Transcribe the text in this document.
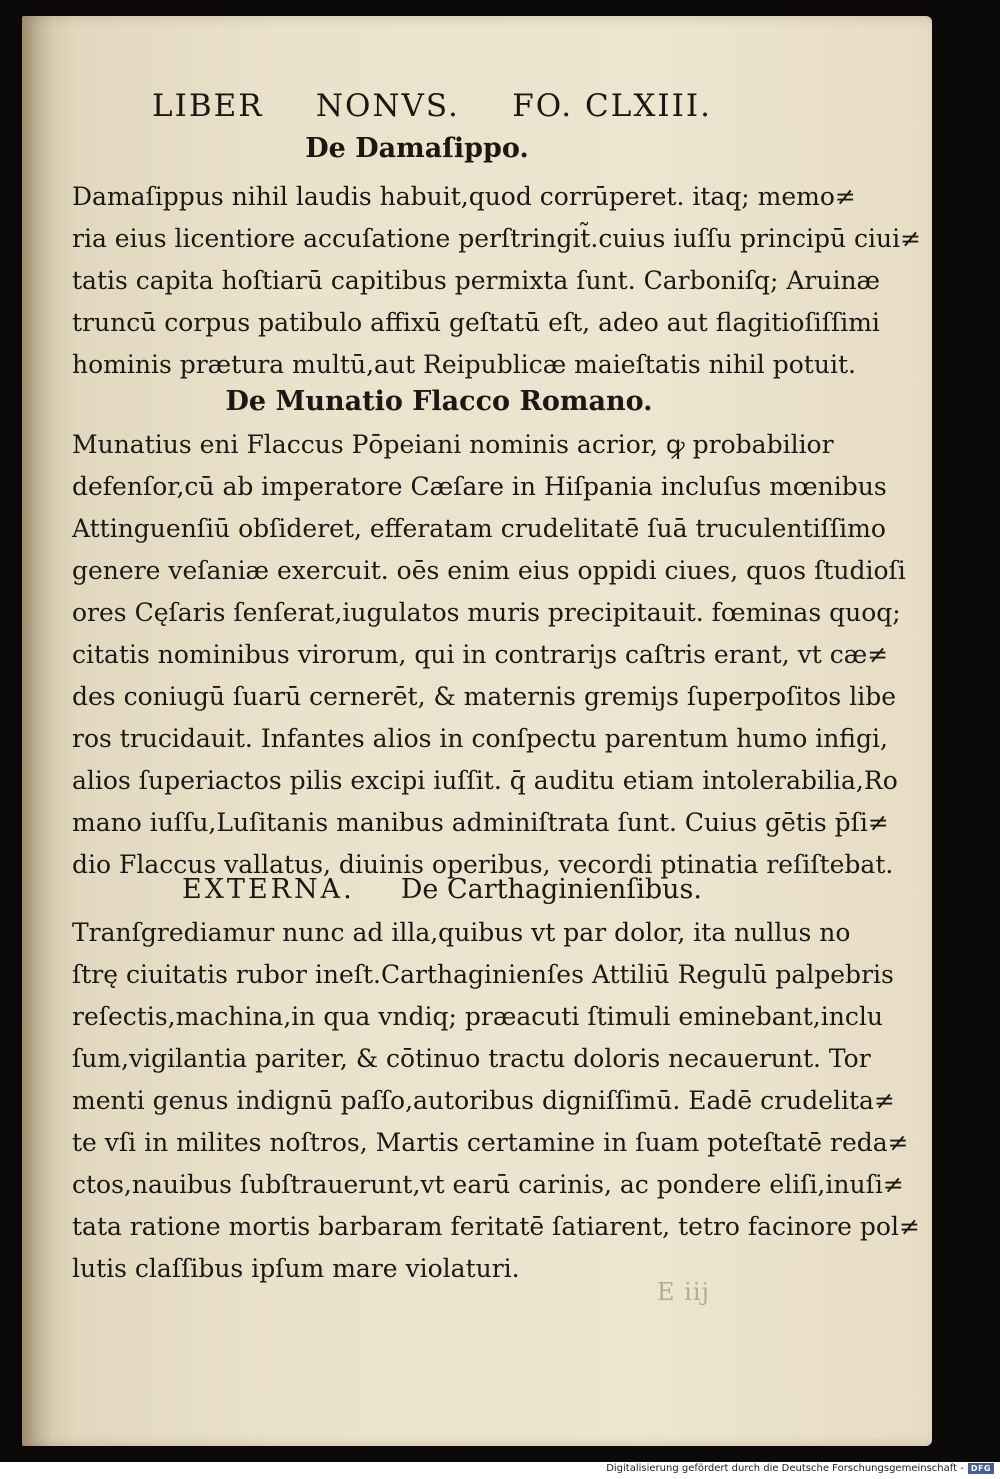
LIBER NONVS. FO. CLXIII.
De Damaſippo.

Damaſippus nihil laudis habuit,quod corrūperet. itaq; memo≠
ria eius licentiore accuſatione perſtringit̃.cuius iuſſu principū ciui≠
tatis capita hoſtiarū capitibus permixta ſunt. Carboniſq; Aruinæ
truncū corpus patibulo affixū geſtatū eſt, adeo aut flagitioſiſſimi
hominis prætura multū,aut Reipublicæ maieſtatis nihil potuit.

De Munatio Flacco Romano.

Munatius eni Flaccus Pōpeiani nominis acrior, ꝙ probabilior
defenſor,cū ab imperatore Cæſare in Hiſpania incluſus mœnibus
Attinguenſiū obſideret, efferatam crudelitatē ſuā truculentiſſimo
genere veſaniæ exercuit. oēs enim eius oppidi ciues, quos ſtudioſi
ores Cęſaris ſenſerat,iugulatos muris precipitauit. fœminas quoq;
citatis nominibus virorum, qui in contrariȷs caſtris erant, vt cæ≠
des coniugū ſuarū cernerēt, & maternis gremiȷs ſuperpoſitos libe
ros trucidauit. Infantes alios in conſpectu parentum humo infigi,
alios ſuperiactos pilis excipi iuſſit. q̄ auditu etiam intolerabilia,Ro
mano iuſſu,Luſitanis manibus adminiſtrata ſunt. Cuius gētis p̄ſi≠
dio Flaccus vallatus, diuinis operibus, vecordi ptinatia reſiſtebat.

EXTERNA. De Carthaginienſibus.

Tranſgrediamur nunc ad illa,quibus vt par dolor, ita nullus no
ſtrę ciuitatis rubor ineſt.Carthaginienſes Attiliū Regulū palpebris
reſectis,machina,in qua vndiq; præacuti ſtimuli eminebant,inclu
ſum,vigilantia pariter, & cōtinuo tractu doloris necauerunt. Tor
menti genus indignū paſſo,autoribus digniſſimū. Eadē crudelita≠
te vſi in milites noſtros, Martis certamine in ſuam poteſtatē reda≠
ctos,nauibus ſubſtrauerunt,vt earū carinis, ac pondere eliſi,inuſi≠
tata ratione mortis barbaram feritatē ſatiarent, tetro facinore pol≠
lutis claſſibus ipſum mare violaturi.

E iij
Digitalisierung gefördert durch die Deutsche Forschungsgemeinschaft - DFG
